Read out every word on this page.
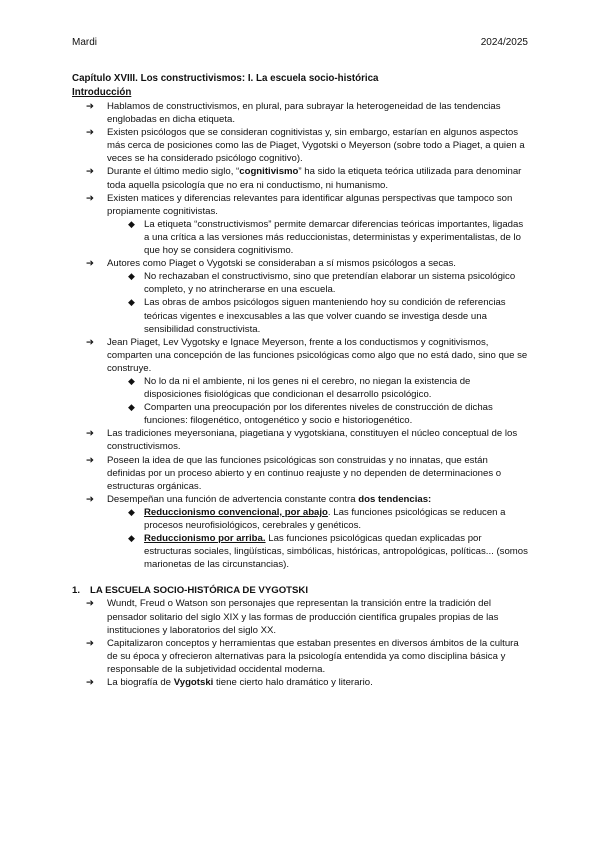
Mardi	2024/2025
Capítulo XVIII. Los constructivismos: I. La escuela socio-histórica
Introducción
➔ Hablamos de constructivismos, en plural, para subrayar la heterogeneidad de las tendencias englobadas en dicha etiqueta.
➔ Existen psicólogos que se consideran cognitivistas y, sin embargo, estarían en algunos aspectos más cerca de posiciones como las de Piaget, Vygotski o Meyerson (sobre todo a Piaget, a quien a veces se ha considerado psicólogo cognitivo).
➔ Durante el último medio siglo, “cognitivismo” ha sido la etiqueta teórica utilizada para denominar toda aquella psicología que no era ni conductismo, ni humanismo.
➔ Existen matices y diferencias relevantes para identificar algunas perspectivas que tampoco son propiamente cognitivistas.
◆ La etiqueta “constructivismos” permite demarcar diferencias teóricas importantes, ligadas a una crítica a las versiones más reduccionistas, deterministas y experimentalistas, de lo que hoy se considera cognitivismo.
➔ Autores como Piaget o Vygotski se consideraban a sí mismos psicólogos a secas.
◆ No rechazaban el constructivismo, sino que pretendían elaborar un sistema psicológico completo, y no atrincherarse en una escuela.
◆ Las obras de ambos psicólogos siguen manteniendo hoy su condición de referencias teóricas vigentes e inexcusables a las que volver cuando se investiga desde una sensibilidad constructivista.
➔ Jean Piaget, Lev Vygotsky e Ignace Meyerson, frente a los conductismos y cognitivismos, comparten una concepción de las funciones psicológicas como algo que no está dado, sino que se construye.
◆ No lo da ni el ambiente, ni los genes ni el cerebro, no niegan la existencia de disposiciones fisiológicas que condicionan el desarrollo psicológico.
◆ Comparten una preocupación por los diferentes niveles de construcción de dichas funciones: filogenético, ontogenético y socio e historiogenético.
➔ Las tradiciones meyersoniana, piagetiana y vygotskiana, constituyen el núcleo conceptual de los constructivismos.
➔ Poseen la idea de que las funciones psicológicas son construidas y no innatas, que están definidas por un proceso abierto y en continuo reajuste y no dependen de determinaciones o estructuras orgánicas.
➔ Desempeñan una función de advertencia constante contra dos tendencias:
◆ Reduccionismo convencional, por abajo. Las funciones psicológicas se reducen a procesos neurofisiológicos, cerebrales y genéticos.
◆ Reduccionismo por arriba. Las funciones psicológicas quedan explicadas por estructuras sociales, lingüísticas, simbólicas, históricas, antropológicas, políticas... (somos marionetas de las circunstancias).
1. LA ESCUELA SOCIO-HISTÓRICA DE VYGOTSKI
➔ Wundt, Freud o Watson son personajes que representan la transición entre la tradición del pensador solitario del siglo XIX y las formas de producción científica grupales propias de las instituciones y laboratorios del siglo XX.
➔ Capitalizaron conceptos y herramientas que estaban presentes en diversos ámbitos de la cultura de su época y ofrecieron alternativas para la psicología entendida ya como disciplina básica y responsable de la subjetividad occidental moderna.
➔ La biografía de Vygotski tiene cierto halo dramático y literario.
